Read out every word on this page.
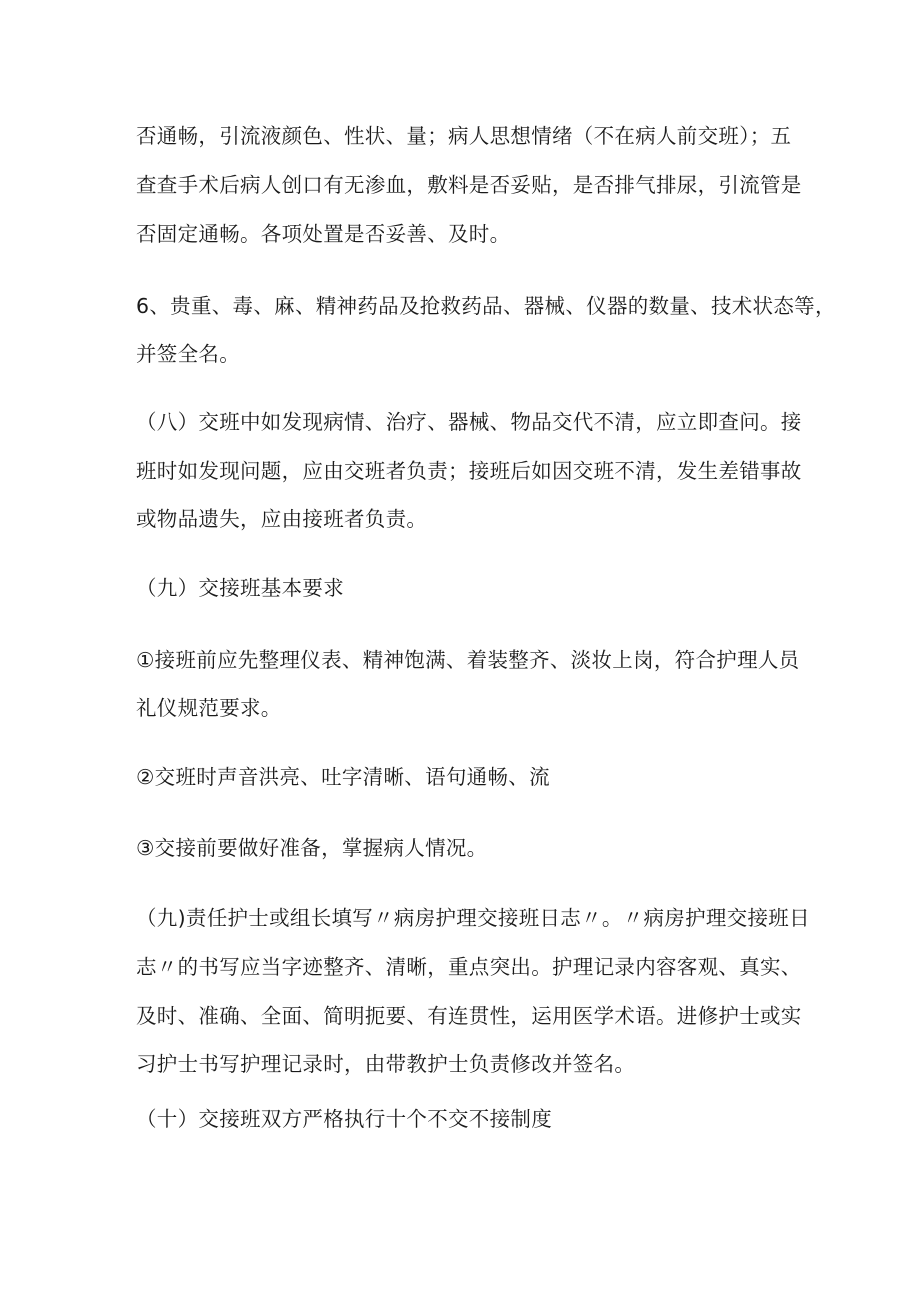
否通畅，引流液颜色、性状、量；病人思想情绪（不在病人前交班）；五
查查手术后病人创口有无渗血，敷料是否妥贴，是否排气排尿，引流管是
否固定通畅。各项处置是否妥善、及时。
6、贵重、毒、麻、精神药品及抢救药品、器械、仪器的数量、技术状态等，
并签全名。
（八）交班中如发现病情、治疗、器械、物品交代不清，应立即查问。接
班时如发现问题，应由交班者负责；接班后如因交班不清，发生差错事故
或物品遗失，应由接班者负责。
（九）交接班基本要求
①接班前应先整理仪表、精神饱满、着装整齐、淡妆上岗，符合护理人员
礼仪规范要求。
②交班时声音洪亮、吐字清晰、语句通畅、流
③交接前要做好准备，掌握病人情况。
（九)责任护士或组长填写〃病房护理交接班日志〃。〃病房护理交接班日
志〃的书写应当字迹整齐、清晰，重点突出。护理记录内容客观、真实、
及时、准确、全面、简明扼要、有连贯性，运用医学术语。进修护士或实
习护士书写护理记录时，由带教护士负责修改并签名。
（十）交接班双方严格执行十个不交不接制度
